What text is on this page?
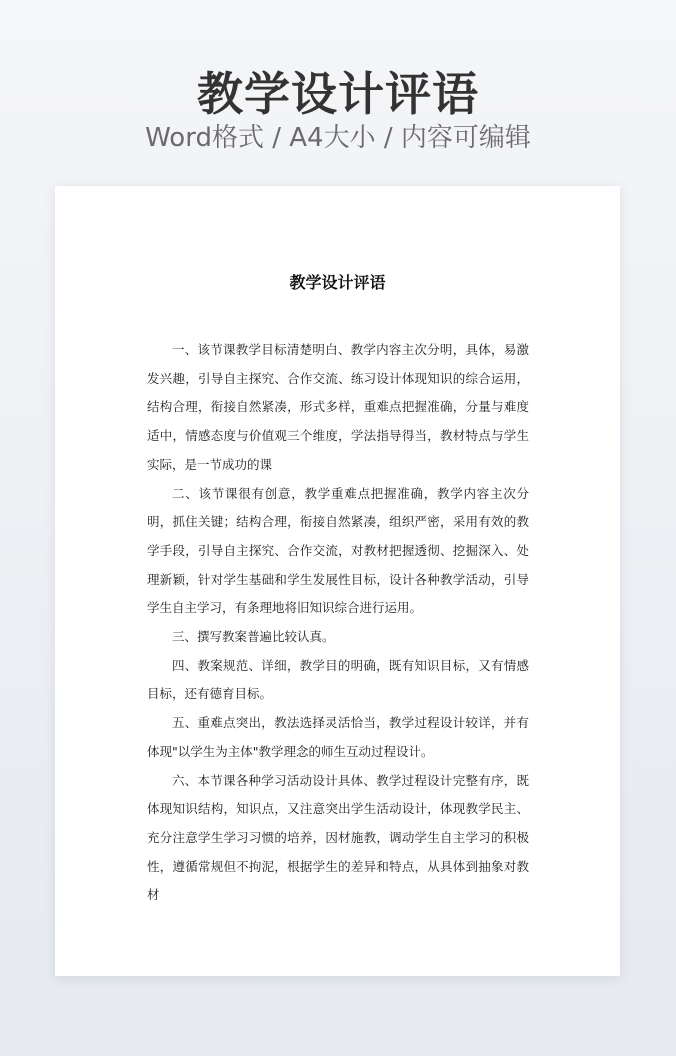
教学设计评语
Word格式 / A4大小 / 内容可编辑
教学设计评语

一、该节课教学目标清楚明白、教学内容主次分明，具体，易激发兴趣，引导自主探究、合作交流、练习设计体现知识的综合运用，结构合理，衔接自然紧凑，形式多样，重难点把握准确，分量与难度适中，情感态度与价值观三个维度，学法指导得当，教材特点与学生实际，是一节成功的课

二、该节课很有创意，教学重难点把握准确，教学内容主次分明，抓住关键；结构合理，衔接自然紧凑，组织严密，采用有效的教学手段，引导自主探究、合作交流，对教材把握透彻、挖掘深入、处理新颖，针对学生基础和学生发展性目标，设计各种教学活动，引导学生自主学习，有条理地将旧知识综合进行运用。

三、撰写教案普遍比较认真。

四、教案规范、详细，教学目的明确，既有知识目标，又有情感目标，还有德育目标。

五、重难点突出，教法选择灵活恰当，教学过程设计较详，并有体现"以学生为主体"教学理念的师生互动过程设计。

六、本节课各种学习活动设计具体、教学过程设计完整有序，既体现知识结构，知识点，又注意突出学生活动设计，体现教学民主、充分注意学生学习习惯的培养，因材施教，调动学生自主学习的积极性，遵循常规但不拘泥，根据学生的差异和特点，从具体到抽象对教材
